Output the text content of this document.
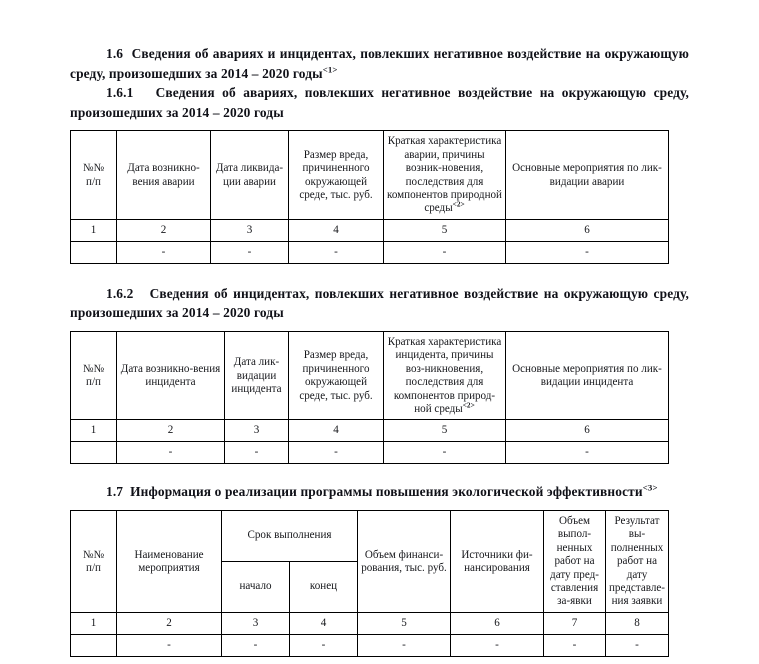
1.6 Сведения об авариях и инцидентах, повлекших негативное воздействие на окружающую среду, произошедших за 2014 – 2020 годы$^{<1>}$

1.6.1 Сведения об авариях, повлекших негативное воздействие на окружающую среду, произошедших за 2014 – 2020 годы

№№
п/п	Дата возникно-вения аварии	Дата ликвида-ции аварии	Размер вреда, причиненного окружающей среде, тыс. руб.	Краткая характеристика аварии, причины возник-новения, последствия для компонентов природной среды$^{<2>}$	Основные мероприятия по лик-видации аварии
1	2	3	4	5	6
	-	-	-	-	-

1.6.2 Сведения об инцидентах, повлекших негативное воздействие на окружающую среду, произошедших за 2014 – 2020 годы

№№
п/п	Дата возникно-вения инцидента	Дата лик-видации инцидента	Размер вреда, причиненного окружающей среде, тыс. руб.	Краткая характеристика инцидента, причины воз-никновения, последствия для компонентов природ-ной среды$^{<2>}$	Основные мероприятия по лик-видации инцидента
1	2	3	4	5	6
	-	-	-	-	-

1.7 Информация о реализации программы повышения экологической эффективности$^{<3>}$

№№
п/п	Наименование мероприятия	Срок выполнения		Объем финанси-рования, тыс. руб.	Источники фи-нансирования	Объем выпол-ненных работ на дату пред-ставления за-явки	Результат вы-полненных работ на дату представле-ния заявки
		начало	конец				
1	2	3	4	5	6	7	8
	-	-	-	-	-	-	-
